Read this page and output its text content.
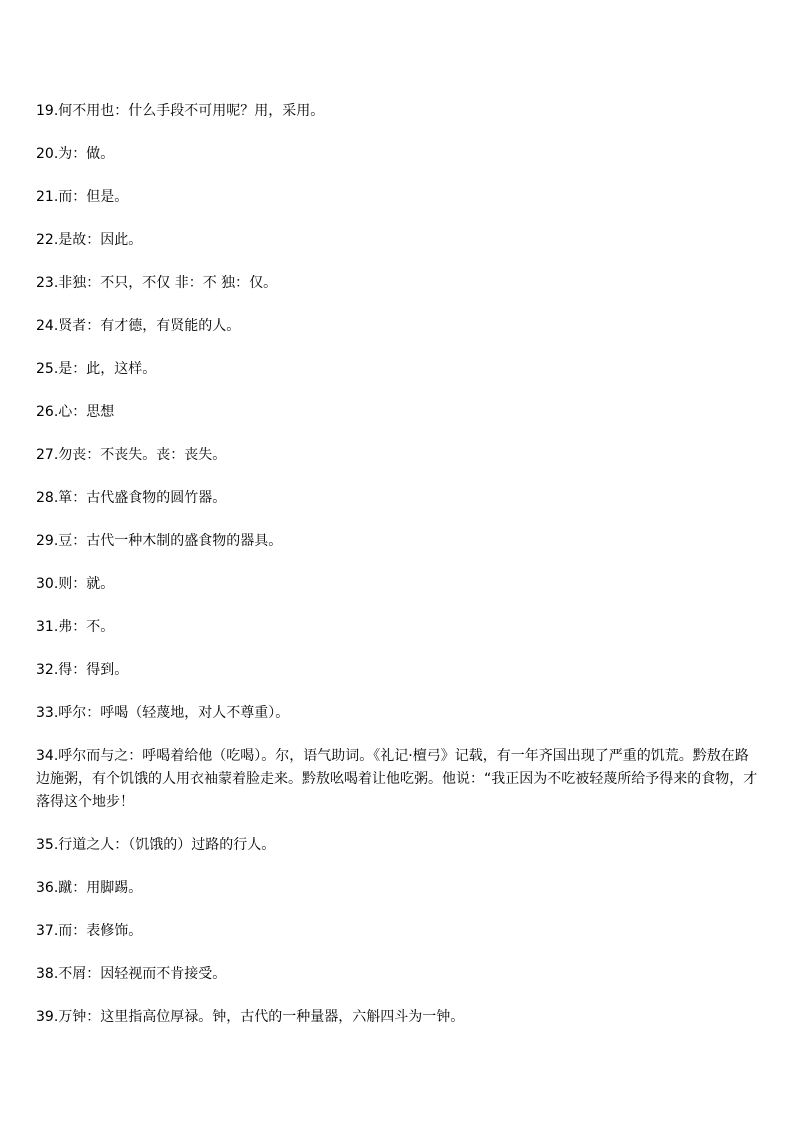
19.何不用也：什么手段不可用呢？用，采用。

20.为：做。

21.而：但是。

22.是故：因此。

23.非独：不只，不仅 非：不 独：仅。

24.贤者：有才德，有贤能的人。

25.是：此，这样。

26.心：思想

27.勿丧：不丧失。丧：丧失。

28.箪：古代盛食物的圆竹器。

29.豆：古代一种木制的盛食物的器具。

30.则：就。

31.弗：不。

32.得：得到。

33.呼尔：呼喝（轻蔑地，对人不尊重）。

34.呼尔而与之：呼喝着给他（吃喝）。尔，语气助词。《礼记·檀弓》记载，有一年齐国出现了严重的饥荒。黔敖在路边施粥，有个饥饿的人用衣袖蒙着脸走来。黔敖吆喝着让他吃粥。他说：“我正因为不吃被轻蔑所给予得来的食物，才落得这个地步！

35.行道之人：（饥饿的）过路的行人。

36.蹴：用脚踢。

37.而：表修饰。

38.不屑：因轻视而不肯接受。

39.万钟：这里指高位厚禄。钟，古代的一种量器，六斛四斗为一钟。
